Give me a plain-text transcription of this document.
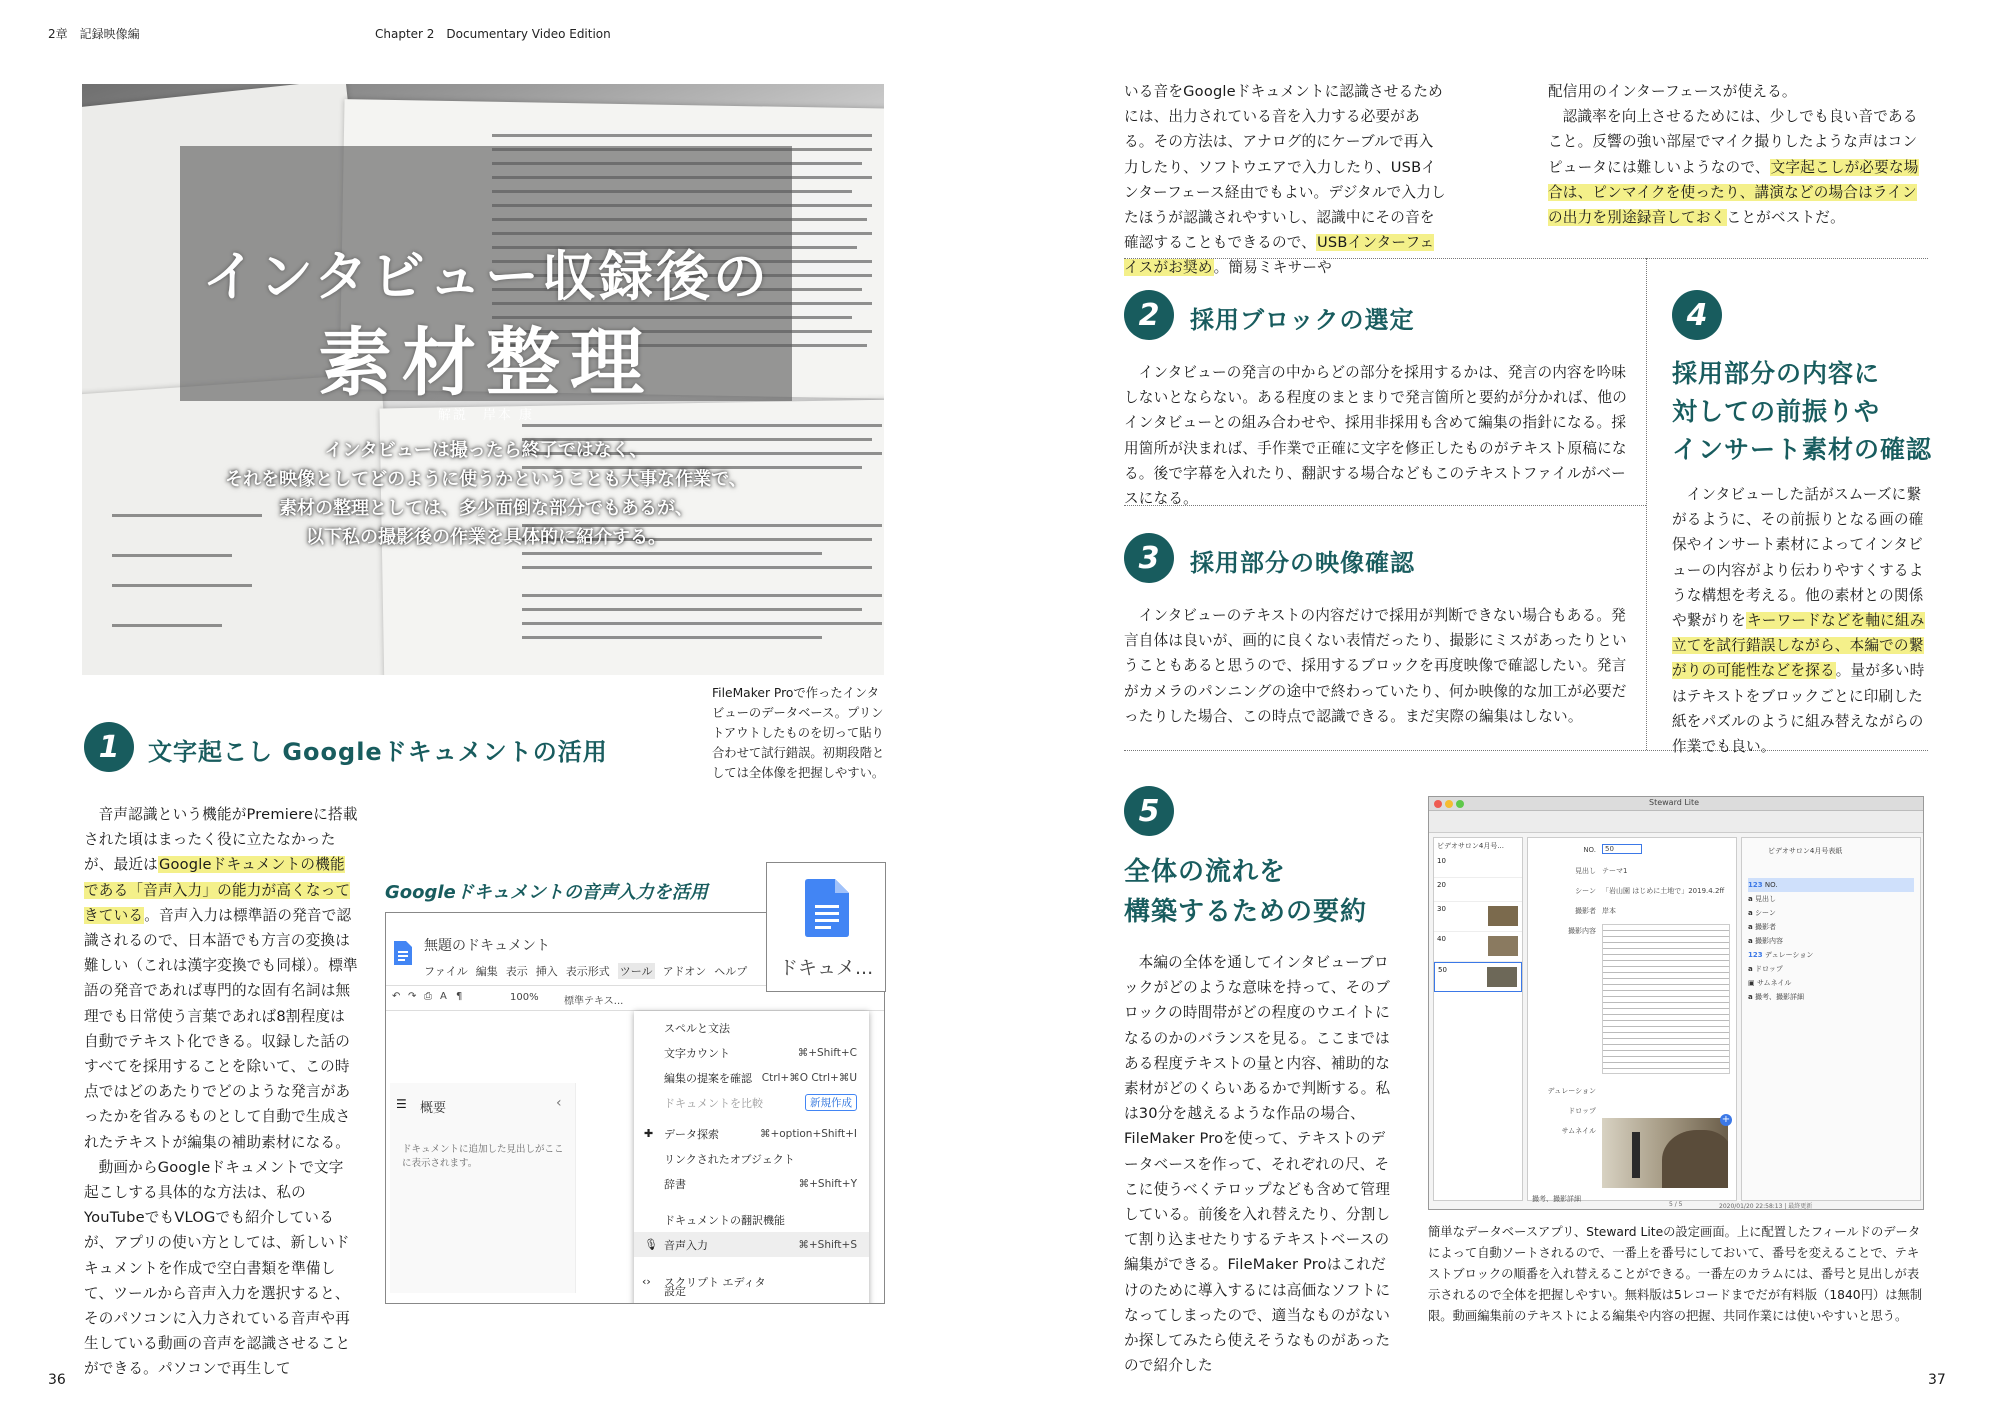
2章　記録映像編	Chapter 2　Documentary Video Edition
インタビュー収録後の
素材整理
解説　岸本 康
インタビューは撮ったら終了ではなく、
それを映像としてどのように使うかということも大事な作業で、
素材の整理としては、多少面倒な部分でもあるが、
以下私の撮影後の作業を具体的に紹介する。
FileMaker Proで作ったインタビューのデータベース。プリントアウトしたものを切って貼り合わせて試行錯誤。初期段階としては全体像を把握しやすい。
1	文字起こし Googleドキュメントの活用

音声認識という機能がPremiereに搭載された頃はまったく役に立たなかったが、最近はGoogleドキュメントの機能である「音声入力」の能力が高くなってきている。音声入力は標準語の発音で認識されるので、日本語でも方言の変換は難しい（これは漢字変換でも同様）。標準語の発音であれば専門的な固有名詞は無理でも日常使う言葉であれば8割程度は自動でテキスト化できる。収録した話のすべてを採用することを除いて、この時点ではどのあたりでどのような発言があったかを省みるものとして自動で生成されたテキストが編集の補助素材になる。

動画からGoogleドキュメントで文字起こしする具体的な方法は、私のYouTubeでもVLOGでも紹介しているが、アプリの使い方としては、新しいドキュメントを作成で空白書類を準備して、ツールから音声入力を選択すると、そのパソコンに入力されている音声や再生している動画の音声を認識させることができる。パソコンで再生して

Googleドキュメントの音声入力を活用
無題のドキュメント
ファイル 編集 表示 挿入 表示形式 ツール アドオン ヘルプ
↶ ↷ ⎙ A ¶	100%	標準テキス...
☰ 概要	‹
ドキュメントに追加した見出しがここに表示されます。
スペルと文法
文字カウント	⌘+Shift+C
編集の提案を確認 Ctrl+⌘O Ctrl+⌘U
ドキュメントを比較	新規作成
✚ データ探索	⌘+option+Shift+I
リンクされたオブジェクト
辞書	⌘+Shift+Y
ドキュメントの翻訳機能
🎙 音声入力	⌘+Shift+S
‹› スクリプト エディタ
設定
ドキュメ...
いる音をGoogleドキュメントに認識させるためには、出力されている音を入力する必要がある。その方法は、アナログ的にケーブルで再入力したり、ソフトウエアで入力したり、USBインターフェース経由でもよい。デジタルで入力したほうが認識されやすいし、認識中にその音を確認することもできるので、USBインターフェイスがお奨め。簡易ミキサーや
配信用のインターフェースが使える。

認識率を向上させるためには、少しでも良い音であること。反響の強い部屋でマイク撮りしたような声はコンピュータには難しいようなので、文字起こしが必要な場合は、ピンマイクを使ったり、講演などの場合はラインの出力を別途録音しておくことがベストだ。

2	採用ブロックの選定

インタビューの発言の中からどの部分を採用するかは、発言の内容を吟味しないとならない。ある程度のまとまりで発言箇所と要約が分かれば、他のインタビューとの組み合わせや、採用非採用も含めて編集の指針になる。採用箇所が決まれば、手作業で正確に文字を修正したものがテキスト原稿になる。後で字幕を入れたり、翻訳する場合などもこのテキストファイルがベースになる。

3	採用部分の映像確認

インタビューのテキストの内容だけで採用が判断できない場合もある。発言自体は良いが、画的に良くない表情だったり、撮影にミスがあったりということもあると思うので、採用するブロックを再度映像で確認したい。発言がカメラのパンニングの途中で終わっていたり、何か映像的な加工が必要だったりした場合、この時点で認識できる。まだ実際の編集はしない。

4
採用部分の内容に
対しての前振りや
インサート素材の確認

インタビューした話がスムーズに繋がるように、その前振りとなる画の確保やインサート素材によってインタビューの内容がより伝わりやすくするような構想を考える。他の素材との関係や繋がりをキーワードなどを軸に組み立てを試行錯誤しながら、本編での繋がりの可能性などを探る。量が多い時はテキストをブロックごとに印刷した紙をパズルのように組み替えながらの作業でも良い。

5
全体の流れを
構築するための要約

本編の全体を通してインタビューブロックがどのような意味を持って、そのブロックの時間帯がどの程度のウエイトになるのかのバランスを見る。ここまではある程度テキストの量と内容、補助的な素材がどのくらいあるかで判断する。私は30分を越えるような作品の場合、FileMaker Proを使って、テキストのデータベースを作って、それぞれの尺、そこに使うべくテロップなども含めて管理している。前後を入れ替えたり、分割して割り込ませたりするテキストベースの編集ができる。FileMaker Proはこれだけのために導入するには高価なソフトになってしまったので、適当なものがないか探してみたら使えそうなものがあったので紹介した

Steward Lite
ビデオサロン4月号...
10
20
30
40
50
NO.	50
見出し テーマ1
シーン 「岩山園 はじめに土地で」2019.4.2ff
撮影者 岸本
撮影内容
デュレーション
ドロップ
サムネイル
+
撮考、撮影詳細
ビデオサロン4月号表紙
123 NO.
a 見出し
a シーン
a 撮影者
a 撮影内容
123 デュレーション
a ドロップ
▣ サムネイル
a 撮考、撮影詳細
5 / 5	2020/01/20 22:58:13 | 最終更新
簡単なデータベースアプリ、Steward Liteの設定画面。上に配置したフィールドのデータによって自動ソートされるので、一番上を番号にしておいて、番号を変えることで、テキストブロックの順番を入れ替えることができる。一番左のカラムには、番号と見出しが表示されるので全体を把握しやすい。無料版は5レコードまでだが有料版（1840円）は無制限。動画編集前のテキストによる編集や内容の把握、共同作業には使いやすいと思う。
36	37
